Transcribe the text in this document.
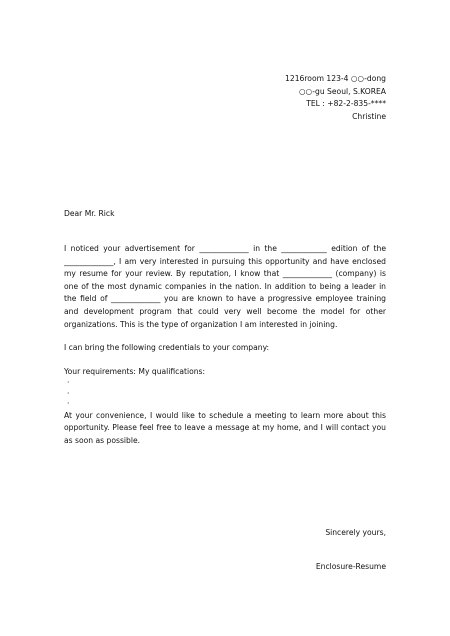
1216room 123-4 ○○-dong
○○-gu Seoul, S.KOREA
TEL : +82-2-835-****
Christine
Dear Mr. Rick

I noticed your advertisement for _____________ in the ____________ edition of the _____________, I am very interested in pursuing this opportunity and have enclosed my resume for your review. By reputation, I know that _____________ (company) is one of the most dynamic companies in the nation. In addition to being a leader in the field of _____________ you are known to have a progressive employee training and development program that could very well become the model for other organizations. This is the type of organization I am interested in joining.

I can bring the following credentials to your company:

Your requirements: My qualifications:

·
·
·

At your convenience, I would like to schedule a meeting to learn more about this opportunity. Please feel free to leave a message at my home, and I will contact you as soon as possible.

Sincerely yours,
Enclosure-Resume
